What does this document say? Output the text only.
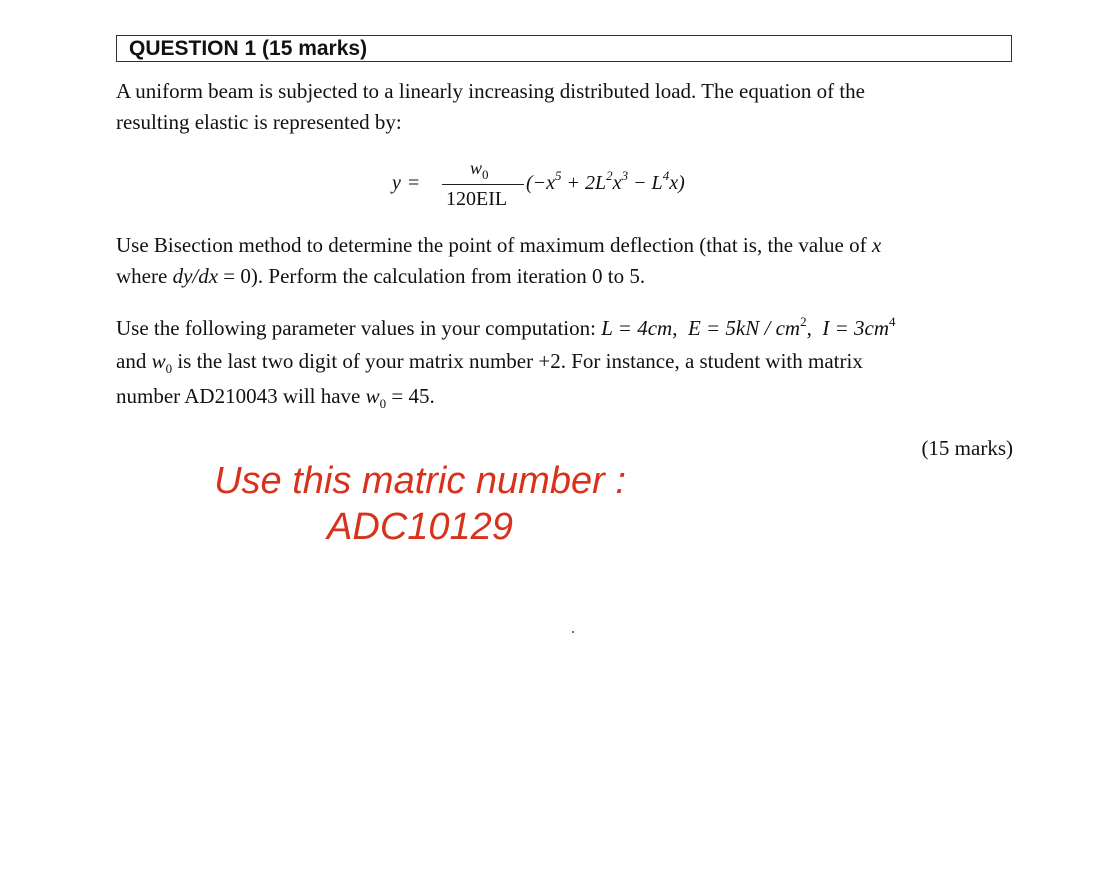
QUESTION 1 (15 marks)
A uniform beam is subjected to a linearly increasing distributed load. The equation of the
resulting elastic is represented by:
y =
$w_0$
120EIL
$(-x^5 + 2L^2x^3 - L^4x)$
Use Bisection method to determine the point of maximum deflection (that is, the value of x
where dy/dx = 0). Perform the calculation from iteration 0 to 5.
Use the following parameter values in your computation: L = 4cm,  $E = 5kN / cm^2$,  $I = 3cm^4$
and $w_0$ is the last two digit of your matrix number +2. For instance, a student with matrix
number AD210043 will have $w_0 = 45$.
(15 marks)
Use this matric number :
ADC10129
